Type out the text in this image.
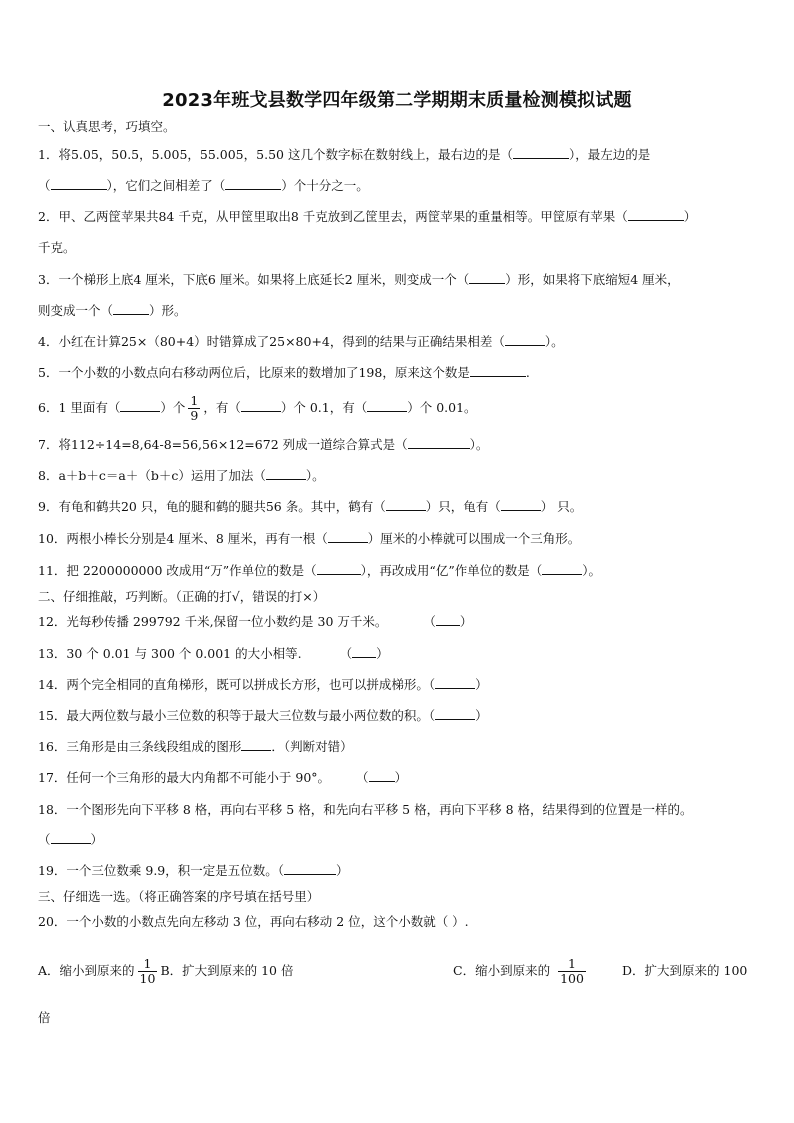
2023年班戈县数学四年级第二学期期末质量检测模拟试题
一、认真思考，巧填空。
1．将5.05，50.5，5.005，55.005，5.50 这几个数字标在数射线上，最右边的是（	），最左边的是
（	），它们之间相差了（	）个十分之一。
2．甲、乙两筐苹果共84 千克，从甲筐里取出8 千克放到乙筐里去，两筐苹果的重量相等。甲筐原有苹果（	）
千克。
3．一个梯形上底4 厘米，下底6 厘米。如果将上底延长2 厘米，则变成一个（	）形，如果将下底缩短4 厘米，
则变成一个（	）形。
4．小红在计算25×（80+4）时错算成了25×80+4，得到的结果与正确结果相差（	）。
5．一个小数的小数点向右移动两位后，比原来的数增加了198，原来这个数是	.
6．1 里面有（	）个 $\frac{1}{9}$ ，有（	）个 0.1，有（	）个 0.01。
7．将112÷14=8,64-8=56,56×12=672 列成一道综合算式是（	）。
8．a＋b＋c＝a＋（b＋c）运用了加法（	）。
9．有龟和鹤共20 只，龟的腿和鹤的腿共56 条。其中，鹤有（	）只，龟有（	） 只。
10．两根小棒长分别是4 厘米、8 厘米，再有一根（	）厘米的小棒就可以围成一个三角形。
11．把 2200000000 改成用“万”作单位的数是（	），再改成用“亿”作单位的数是（	）。
二、仔细推敲，巧判断。（正确的打√，错误的打×）
12．光每秒传播 299792 千米,保留一位小数约是 30 万千米。	（ ）
13．30 个 0.01 与 300 个 0.001 的大小相等.	（ ）
14．两个完全相同的直角梯形，既可以拼成长方形，也可以拼成梯形。（	）
15．最大两位数与最小三位数的积等于最大三位数与最小两位数的积。（	）
16．三角形是由三条线段组成的图形 ．（判断对错）
17．任何一个三角形的最大内角都不可能小于 90°。 （ ）
18．一个图形先向下平移 8 格，再向右平移 5 格，和先向右平移 5 格，再向下平移 8 格，结果得到的位置是一样的。
（	）
19．一个三位数乘 9.9，积一定是五位数。（	）
三、仔细选一选。（将正确答案的序号填在括号里）
20．一个小数的小数点先向左移动 3 位，再向右移动 2 位，这个小数就（ ）.
A．缩小到原来的 $\frac{1}{10}$ B．扩大到原来的 10 倍	C．缩小到原来的 $\frac{1}{100}$	D．扩大到原来的 100
倍
